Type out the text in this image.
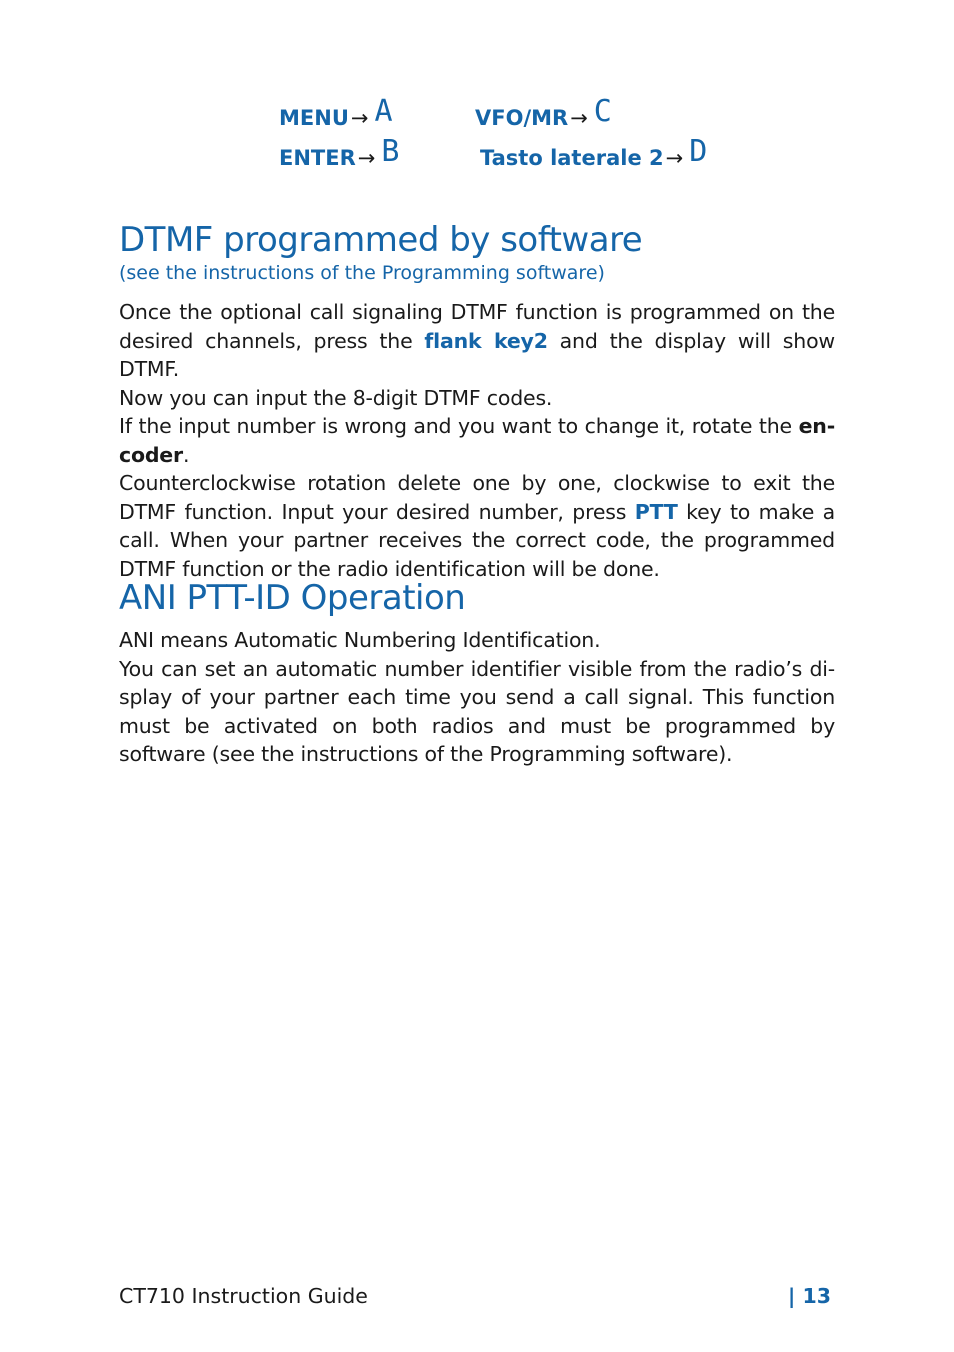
MENU→ A	VFO/MR→ C
ENTER→ B	Tasto laterale 2→ D
DTMF programmed by software
(see the instructions of the Programming software)

Once the optional call signaling DTMF function is programmed on the desired channels, press the flank key2 and the display will show DTMF.

Now you can input the 8-digit DTMF codes.

If the input number is wrong and you want to change it, rotate the en-coder.

Counterclockwise rotation delete one by one, clockwise to exit the DTMF function. Input your desired number, press PTT key to make a call. When your partner receives the correct code, the programmed DTMF function or the radio identification will be done.

ANI PTT-ID Operation

ANI means Automatic Numbering Identification.

You can set an automatic number identifier visible from the radio’s di-splay of your partner each time you send a call signal. This function must be activated on both radios and must be programmed by software (see the instructions of the Programming software).

CT710 Instruction Guide	| 13
